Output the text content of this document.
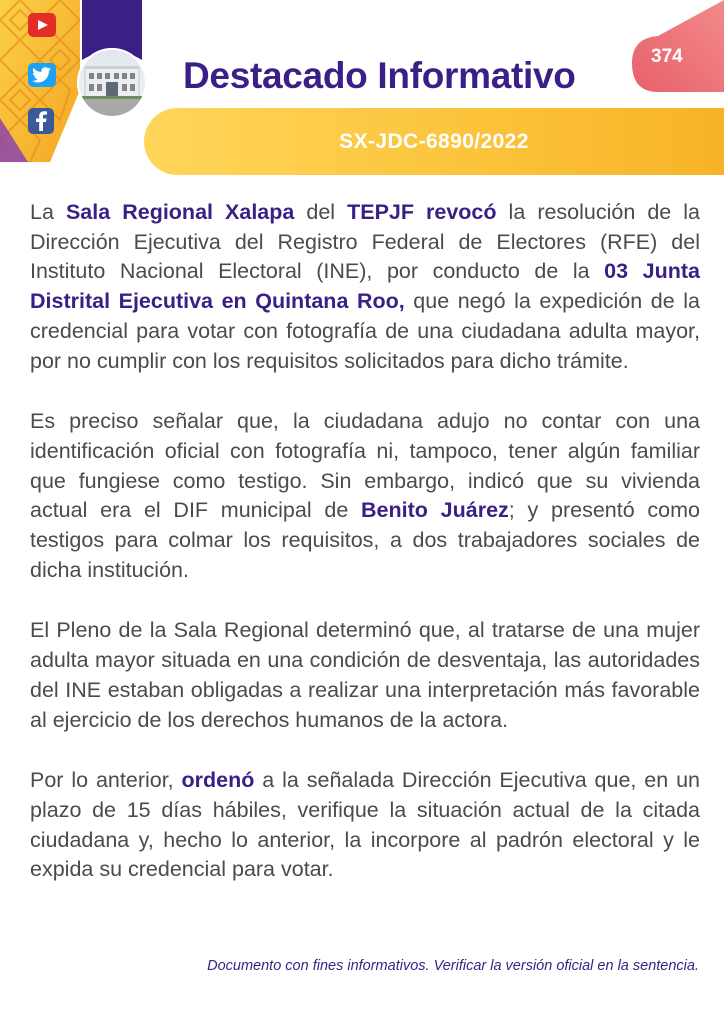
Destacado Informativo	374
SX-JDC-6890/2022

La Sala Regional Xalapa del TEPJF revocó la resolución de la Dirección Ejecutiva del Registro Federal de Electores (RFE) del Instituto Nacional Electoral (INE), por conducto de la 03 Junta Distrital Ejecutiva en Quintana Roo, que negó la expedición de la credencial para votar con fotografía de una ciudadana adulta mayor, por no cumplir con los requisitos solicitados para dicho trámite.

Es preciso señalar que, la ciudadana adujo no contar con una identificación oficial con fotografía ni, tampoco, tener algún familiar que fungiese como testigo. Sin embargo, indicó que su vivienda actual era el DIF municipal de Benito Juárez; y presentó como testigos para colmar los requisitos, a dos trabajadores sociales de dicha institución.

El Pleno de la Sala Regional determinó que, al tratarse de una mujer adulta mayor situada en una condición de desventaja, las autoridades del INE estaban obligadas a realizar una interpretación más favorable al ejercicio de los derechos humanos de la actora.

Por lo anterior, ordenó a la señalada Dirección Ejecutiva que, en un plazo de 15 días hábiles, verifique la situación actual de la citada ciudadana y, hecho lo anterior, la incorpore al padrón electoral y le expida su credencial para votar.

Documento con fines informativos. Verificar la versión oficial en la sentencia.
